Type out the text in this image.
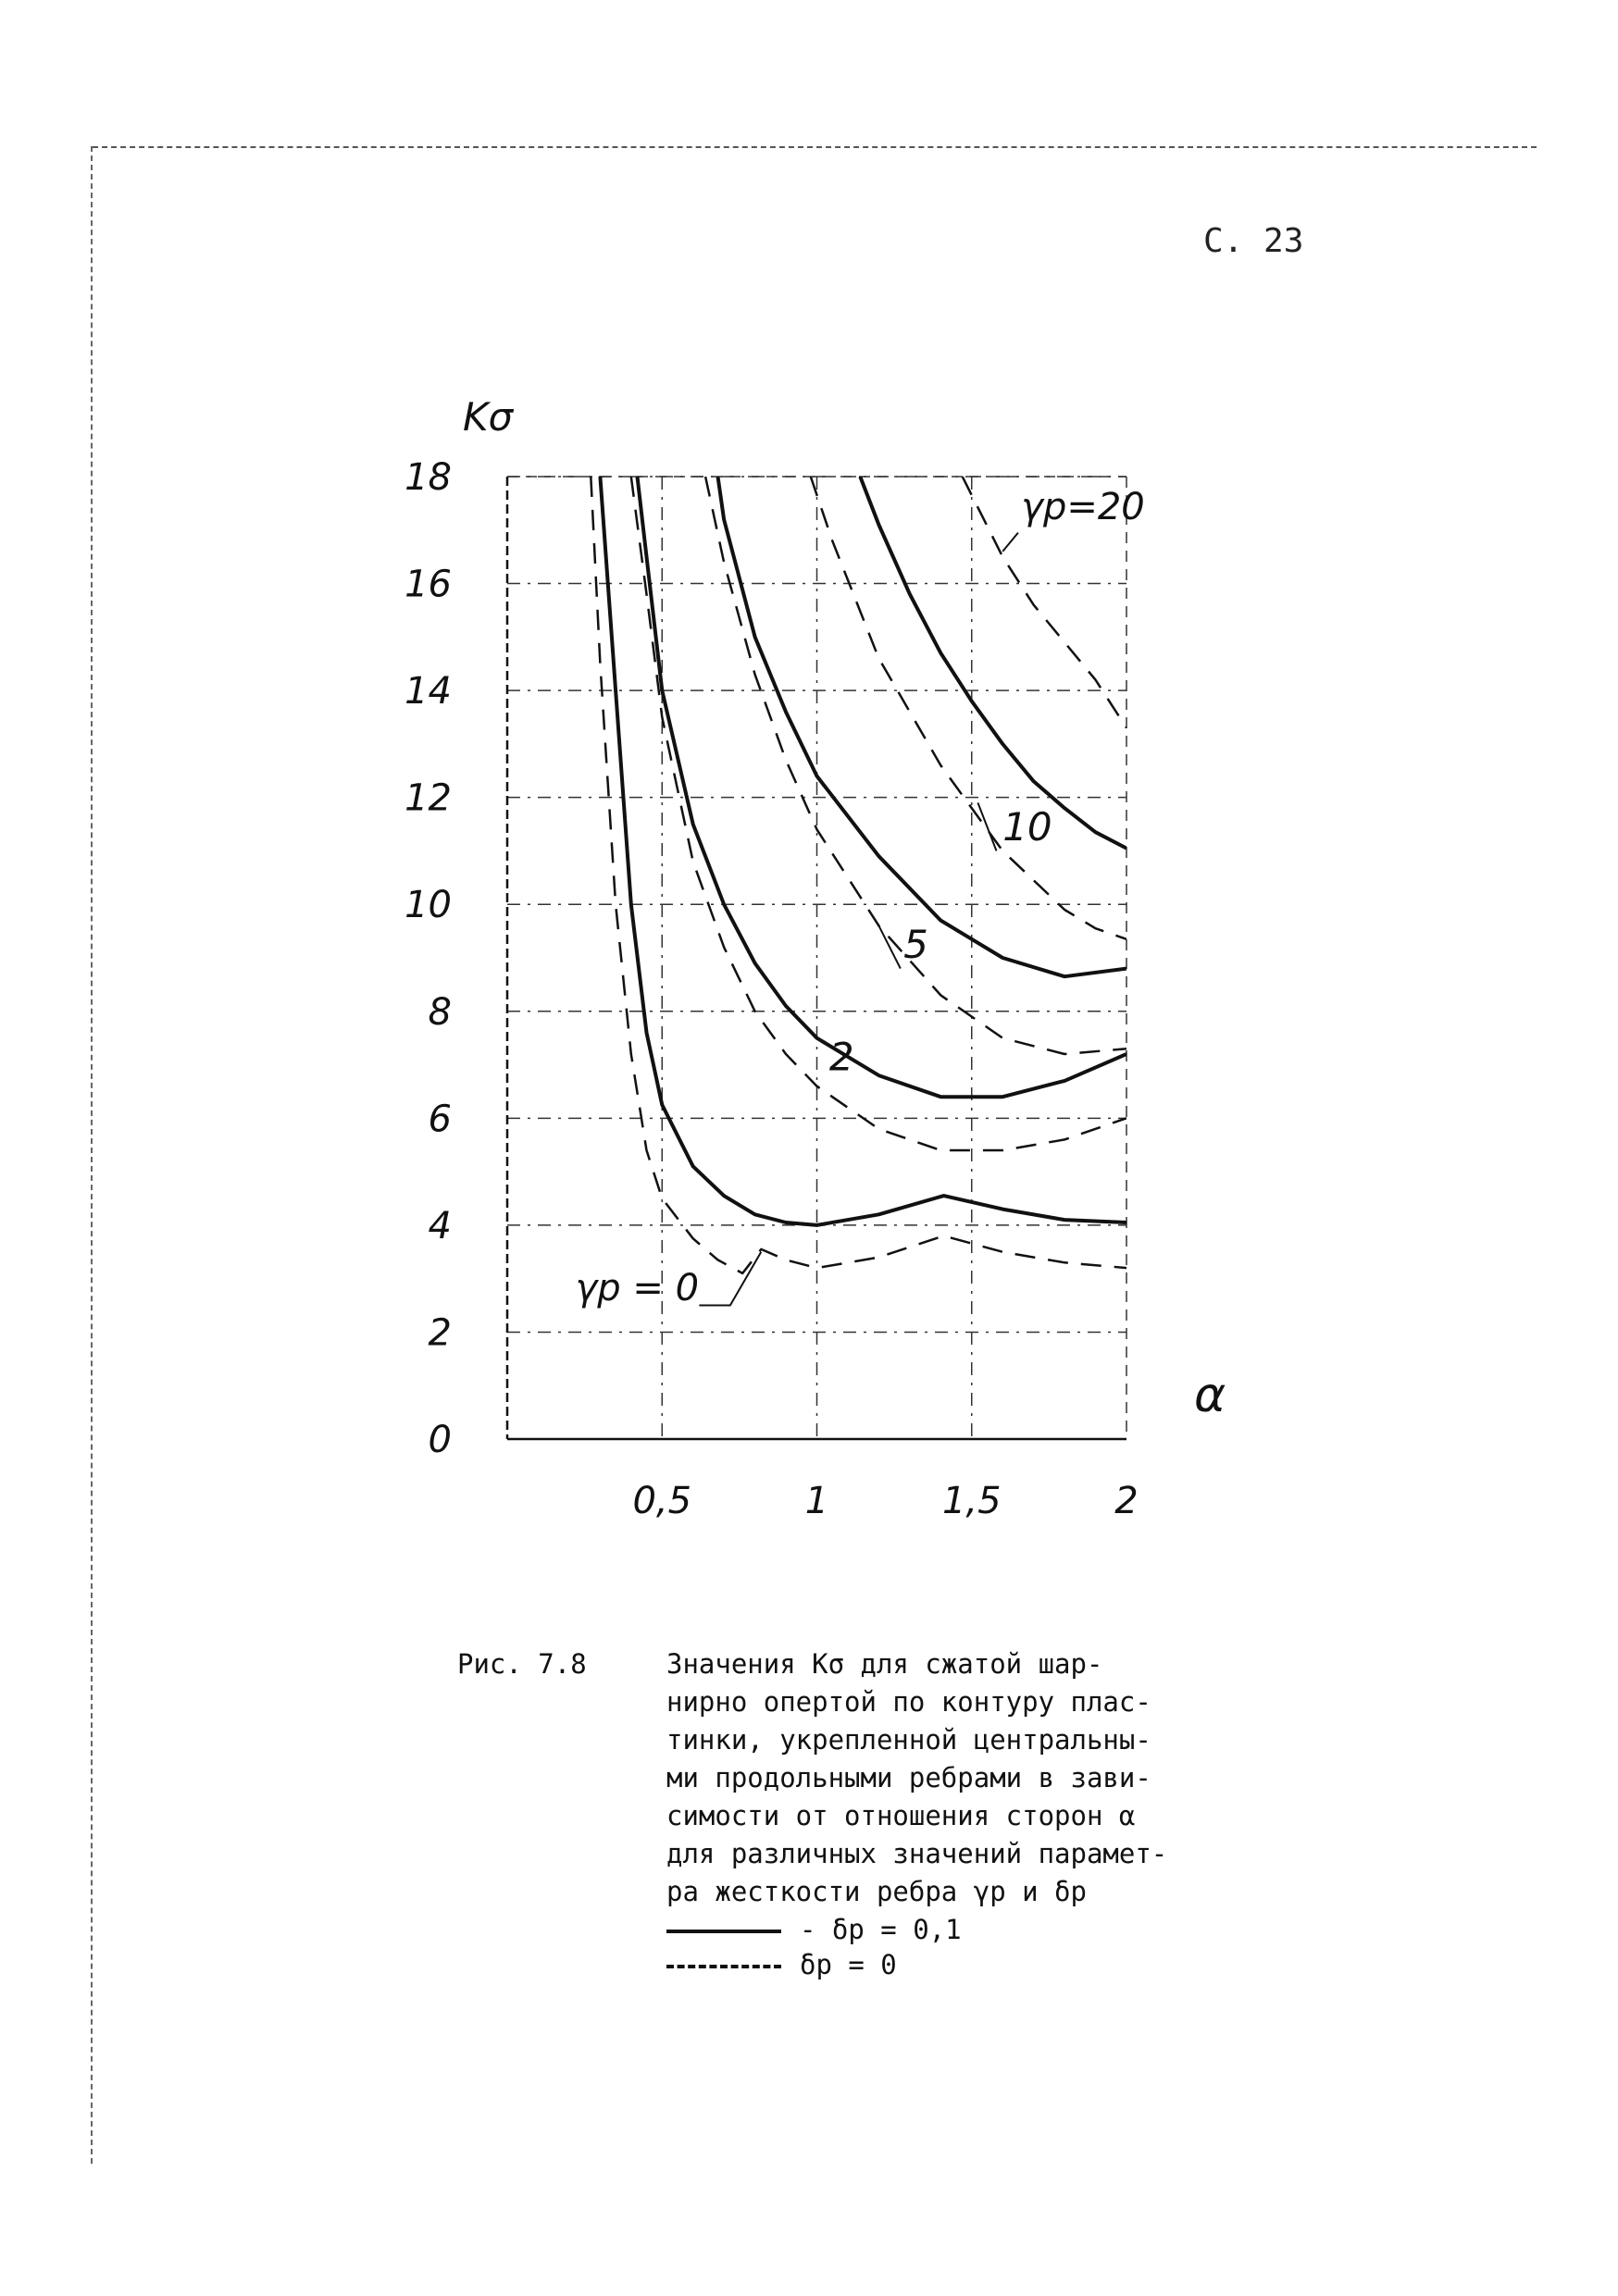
С. 23
0
2
4
6
8
10
12
14
16
18
0,5	1	1,5	2
Kσ
α
γр = 0
2
5
10
γр=20
Рис. 7.8	Значения Kσ для сжатой шар-
нирно опертой по контуру плас-
тинки, укрепленной центральны-
ми продольными ребрами в зави-
симости от отношения сторон α
для различных значений парамет-
ра жесткости ребра γр и δр
- δр = 0,1
δр = 0
